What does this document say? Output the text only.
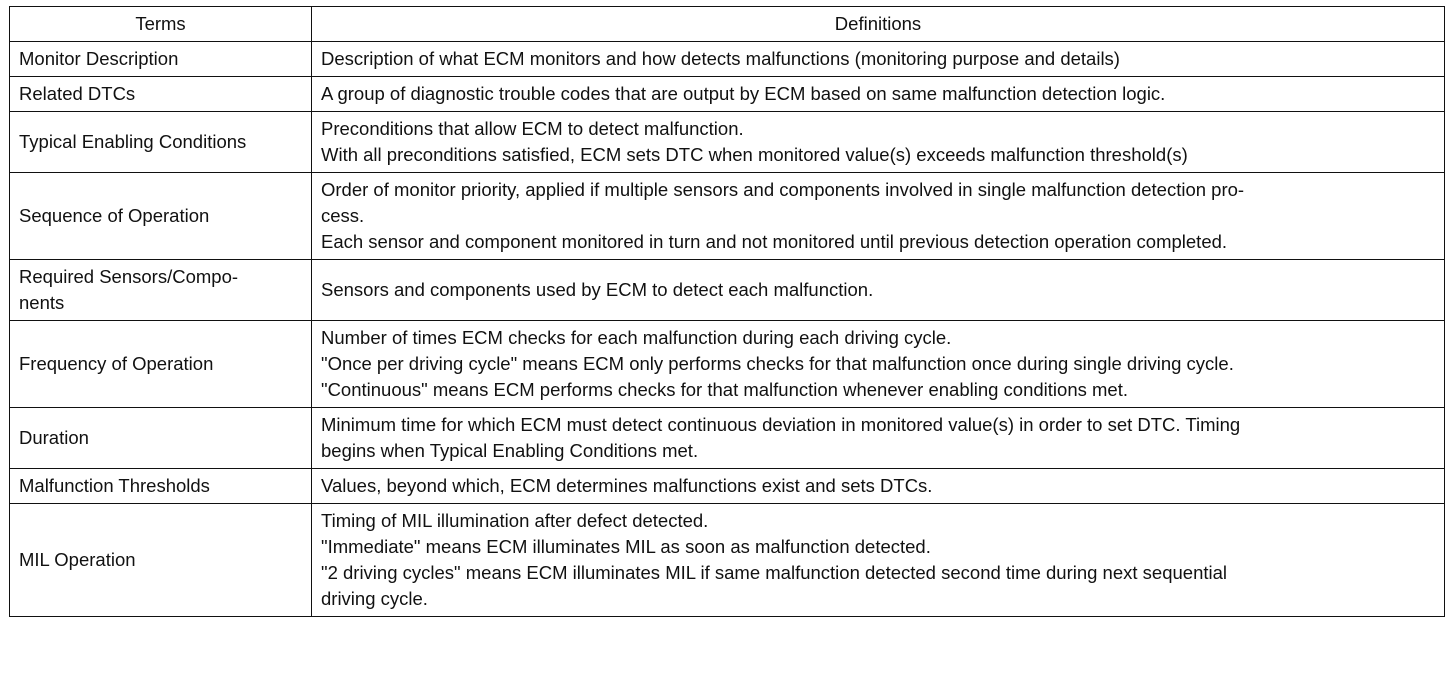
Terms	Definitions
Monitor Description	Description of what ECM monitors and how detects malfunctions (monitoring purpose and details)

Related DTCs	A group of diagnostic trouble codes that are output by ECM based on same malfunction detection logic.

Typical Enabling Conditions	Preconditions that allow ECM to detect malfunction.
With all preconditions satisfied, ECM sets DTC when monitored value(s) exceeds malfunction threshold(s)

Sequence of Operation	Order of monitor priority, applied if multiple sensors and components involved in single malfunction detection pro-
cess.
Each sensor and component monitored in turn and not monitored until previous detection operation completed.

Required Sensors/Compo-
nents	Sensors and components used by ECM to detect each malfunction.

Frequency of Operation	Number of times ECM checks for each malfunction during each driving cycle.
"Once per driving cycle" means ECM only performs checks for that malfunction once during single driving cycle.
"Continuous" means ECM performs checks for that malfunction whenever enabling conditions met.

Duration	Minimum time for which ECM must detect continuous deviation in monitored value(s) in order to set DTC. Timing
begins when Typical Enabling Conditions met.

Malfunction Thresholds	Values, beyond which, ECM determines malfunctions exist and sets DTCs.

MIL Operation	Timing of MIL illumination after defect detected.
"Immediate" means ECM illuminates MIL as soon as malfunction detected.
"2 driving cycles" means ECM illuminates MIL if same malfunction detected second time during next sequential
driving cycle.
